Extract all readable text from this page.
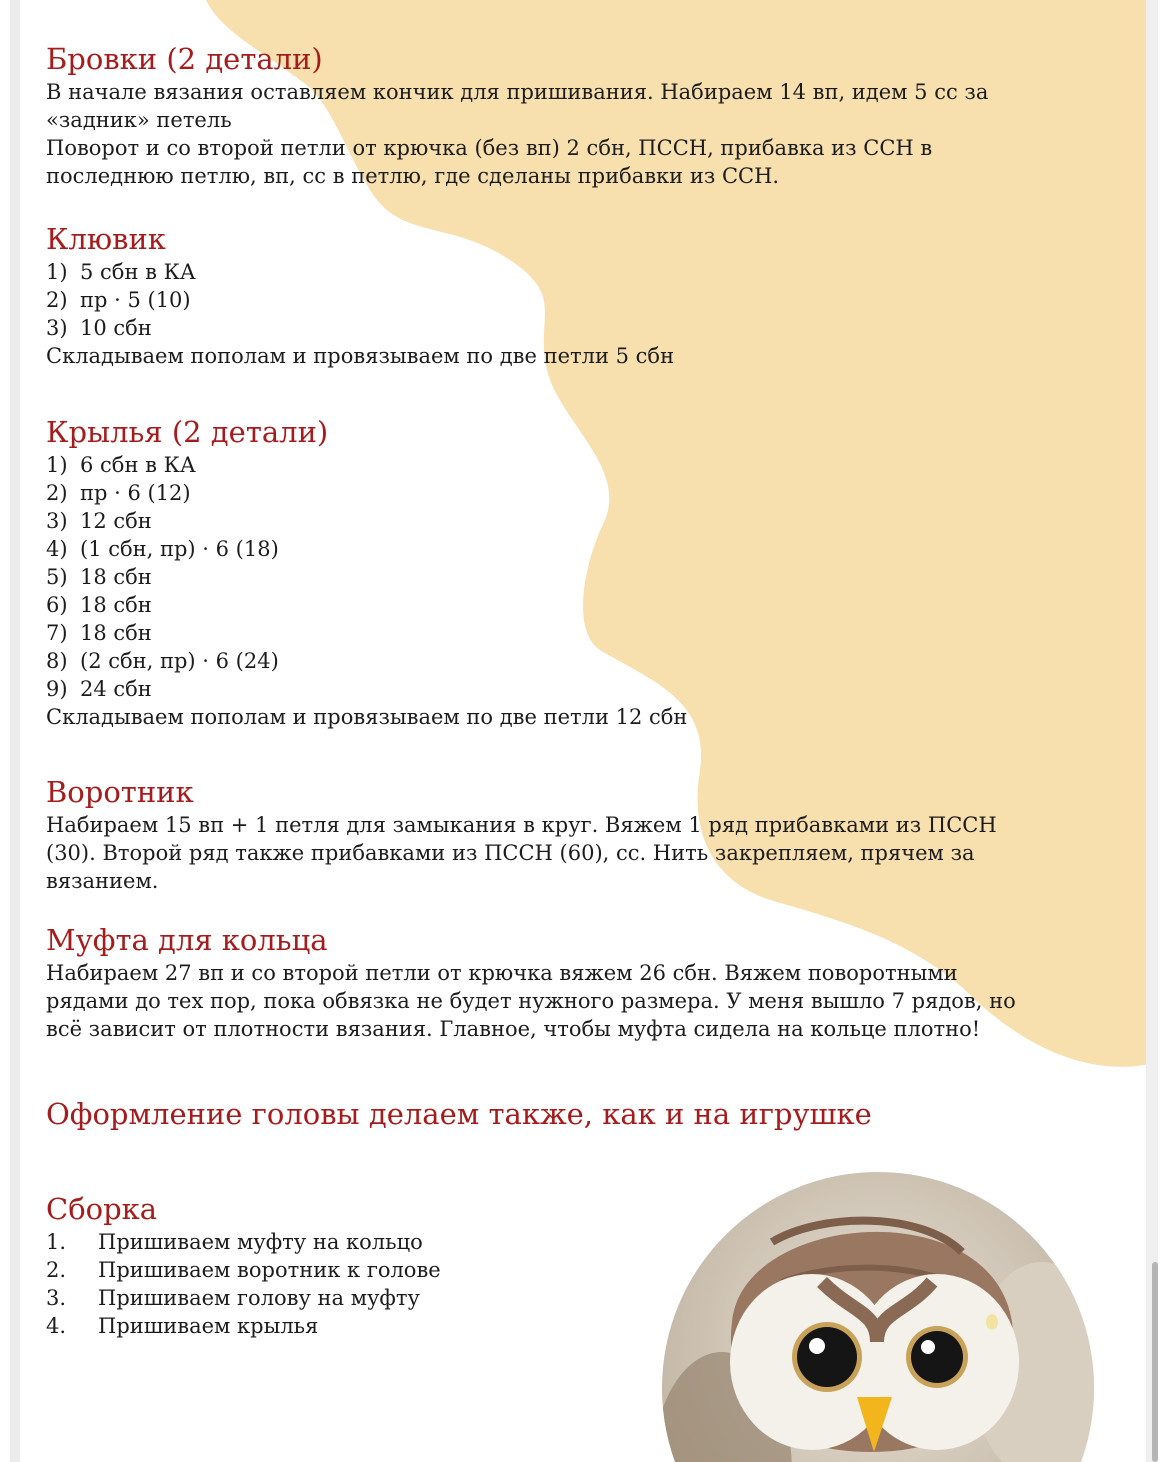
Бровки (2 детали)
В начале вязания оставляем кончик для пришивания. Набираем 14 вп, идем 5 сс за
«задник» петель
Поворот и со второй петли от крючка (без вп) 2 сбн, ПССН, прибавка из ССН в
последнюю петлю, вп, сс в петлю, где сделаны прибавки из ССН.
Клювик
1) 5 сбн в КА
2) пр · 5 (10)
3) 10 сбн
Складываем пополам и провязываем по две петли 5 сбн
Крылья (2 детали)
1) 6 сбн в КА
2) пр · 6 (12)
3) 12 сбн
4) (1 сбн, пр) · 6 (18)
5) 18 сбн
6) 18 сбн
7) 18 сбн
8) (2 сбн, пр) · 6 (24)
9) 24 сбн
Складываем пополам и провязываем по две петли 12 сбн
Воротник
Набираем 15 вп + 1 петля для замыкания в круг. Вяжем 1 ряд прибавками из ПССН
(30). Второй ряд также прибавками из ПССН (60), сс. Нить закрепляем, прячем за
вязанием.
Муфта для кольца
Набираем 27 вп и со второй петли от крючка вяжем 26 сбн. Вяжем поворотными
рядами до тех пор, пока обвязка не будет нужного размера. У меня вышло 7 рядов, но
всё зависит от плотности вязания. Главное, чтобы муфта сидела на кольце плотно!
Оформление головы делаем также, как и на игрушке
Сборка
1. Пришиваем муфту на кольцо
2. Пришиваем воротник к голове
3. Пришиваем голову на муфту
4. Пришиваем крылья
